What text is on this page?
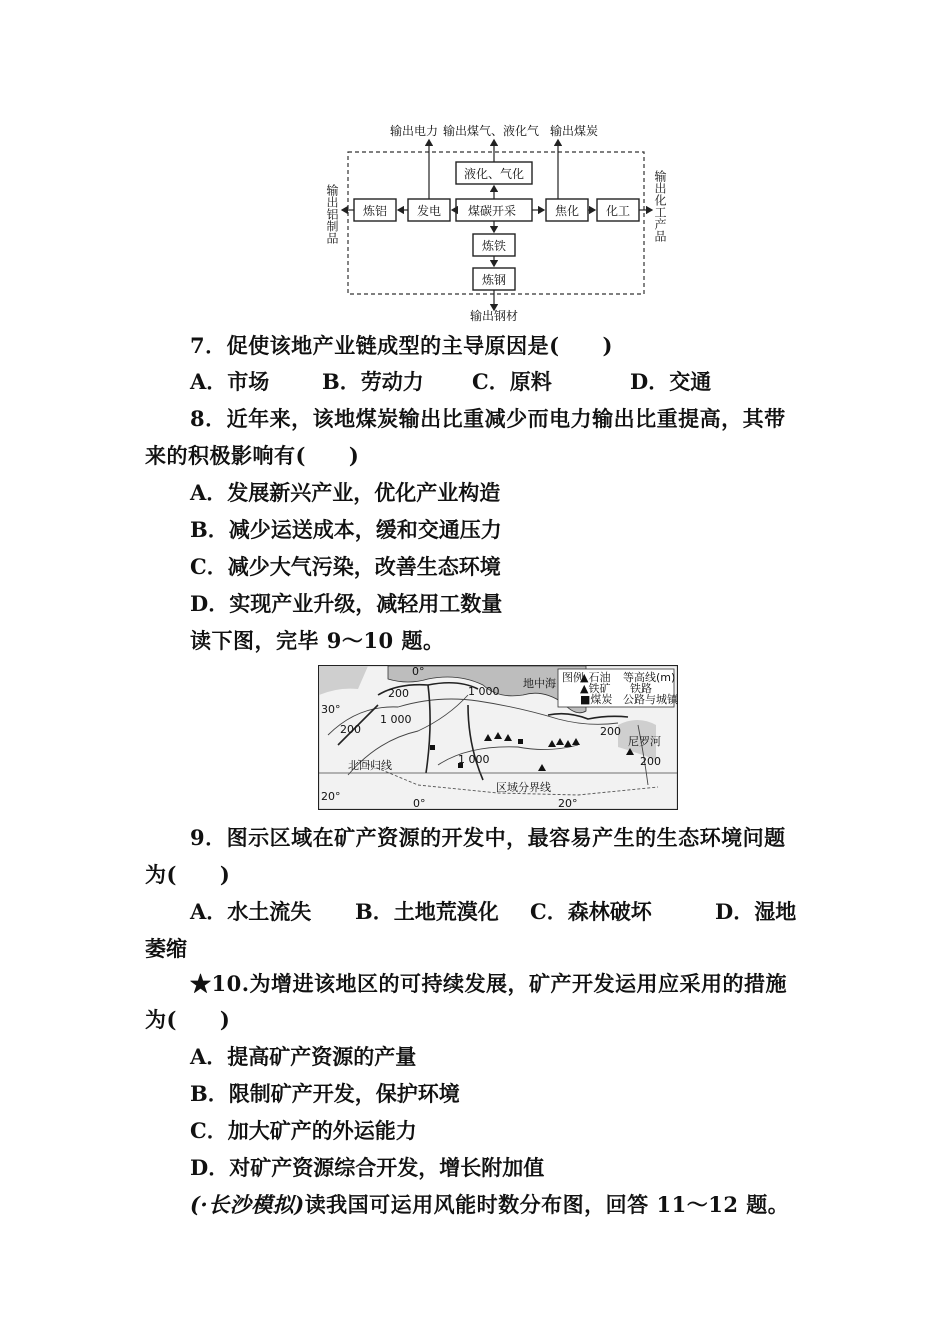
输出电力 输出煤气、液化气 输出煤炭
输出铝制品	输出化工产品
液化、气化
炼铝 发电 煤碳开采	焦化 化工
炼铁
炼钢
输出钢材
7．促使该地产业链成型的主导原因是(　　)
A．市场	B．劳动力 C．原料	D．交通
8．近年来，该地煤炭输出比重减少而电力输出比重提高，其带
来的积极影响有(　　)
A．发展新兴产业，优化产业构造
B．减少运送成本，缓和交通压力
C．减少大气污染，改善生态环境
D．实现产业升级，减轻用工数量
读下图，完毕 9～10 题。
图例
▲石油 等高线(m)
▲铁矿 铁路
■煤炭 公路与城镇
地中海
北回归线
区域分界线
尼罗河
30°
20°
0°	20°
0°
1 000
1 000
1 000
200
200
200
200
9．图示区域在矿产资源的开发中，最容易产生的生态环境问题
为(　　)
A．水土流失 B．土地荒漠化 C．森林破坏	D．湿地
萎缩
★10.为增进该地区的可持续发展，矿产开发运用应采用的措施
为(　　)
A．提高矿产资源的产量
B．限制矿产开发，保护环境
C．加大矿产的外运能力
D．对矿产资源综合开发，增长附加值
(·长沙模拟)读我国可运用风能时数分布图，回答 11～12 题。
